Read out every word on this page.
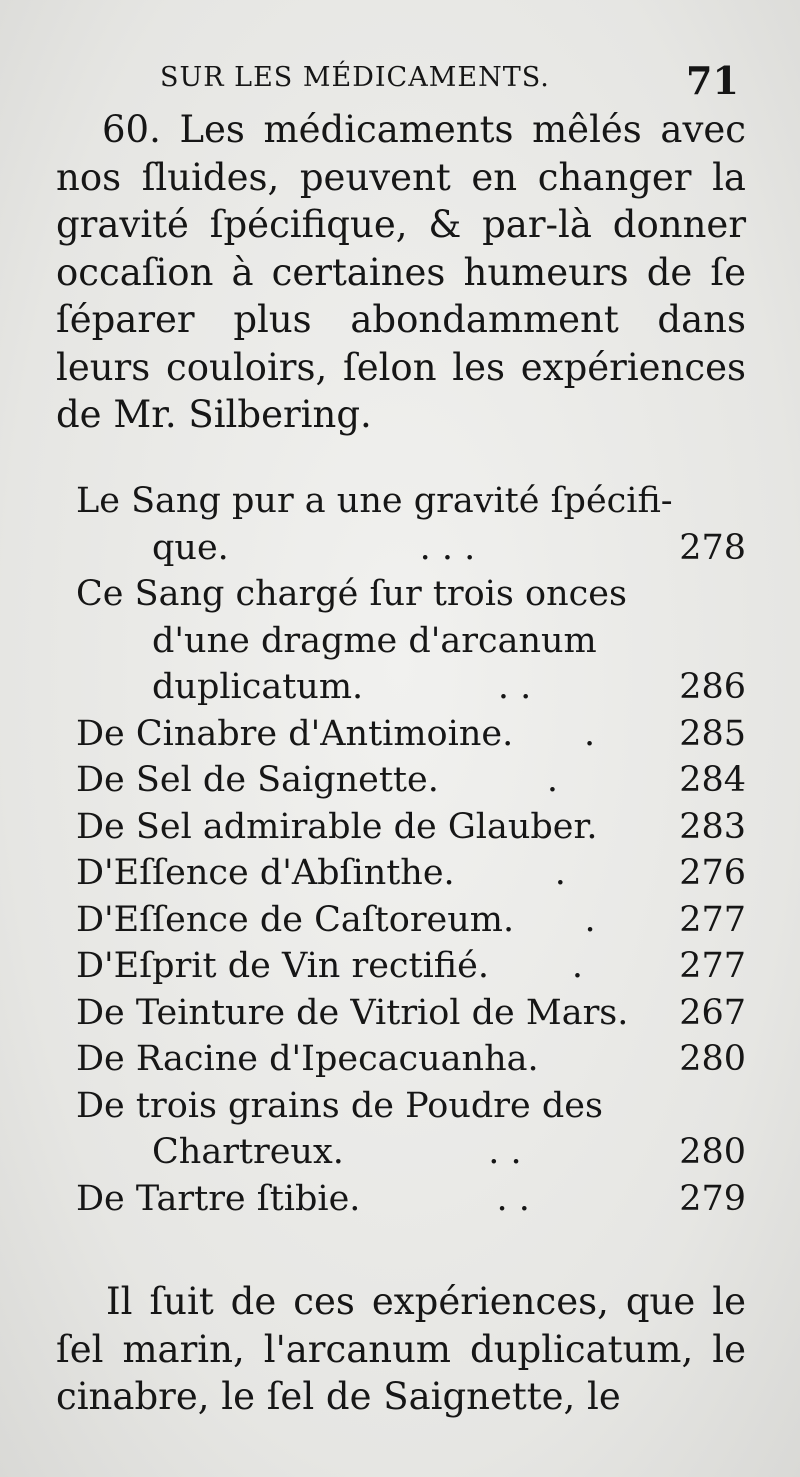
SUR LES MÉDICAMENTS.	71

60. Les médicaments mêlés avec nos ſluides, peuvent en changer la gravité ſpécifique, & par-là donner occaſion à certaines humeurs de ſe ſéparer plus abondamment dans leurs couloirs, ſelon les expériences de Mr. Silbering.

Le Sang pur a une gravité ſpécifi-
que.	. . .	278
Ce Sang chargé ſur trois onces
d'une dragme d'arcanum
duplicatum.	. .	286
De Cinabre d'Antimoine.	.	285
De Sel de Saignette.	.	284
De Sel admirable de Glauber.	283
D'Eſſence d'Abſinthe.	.	276
D'Eſſence de Caſtoreum.	.	277
D'Eſprit de Vin rectifié.	.	277
De Teinture de Vitriol de Mars.	267
De Racine d'Ipecacuanha.	280
De trois grains de Poudre des
Chartreux.	. .	280
De Tartre ſtibie.	. .	279

Il ſuit de ces expériences, que le ſel marin, l'arcanum duplicatum, le cinabre, le ſel de Saignette, le
